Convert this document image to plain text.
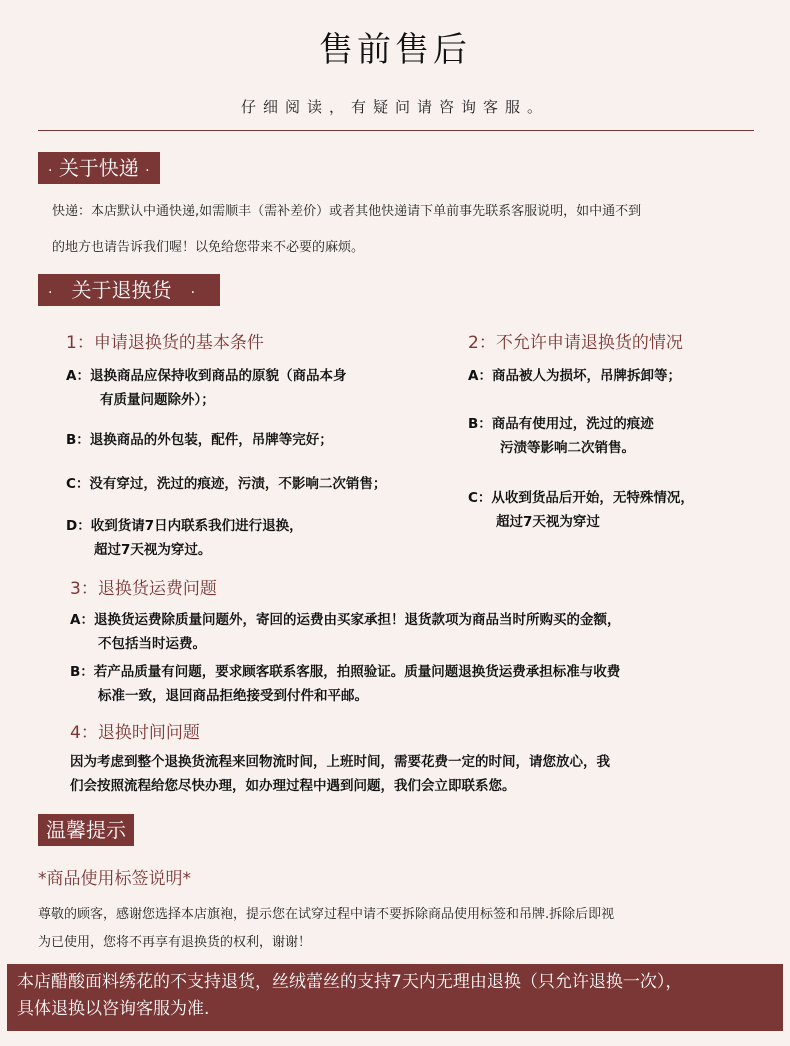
售前售后
仔细阅读，有疑问请咨询客服。
· 关于快递 ·
快递：本店默认中通快递,如需顺丰（需补差价）或者其他快递请下单前事先联系客服说明，如中通不到
的地方也请告诉我们喔！以免给您带来不必要的麻烦。
· 关于退换货 ·
1：申请退换货的基本条件
A：退换商品应保持收到商品的原貌（商品本身
有质量问题除外）；
B：退换商品的外包装，配件，吊牌等完好；
C：没有穿过，洗过的痕迹，污渍，不影响二次销售；
D：收到货请7日内联系我们进行退换，
超过7天视为穿过。
2：不允许申请退换货的情况
A：商品被人为损坏，吊牌拆卸等；
B：商品有使用过，洗过的痕迹
污渍等影响二次销售。
C：从收到货品后开始，无特殊情况，
超过7天视为穿过
3：退换货运费问题
A：退换货运费除质量问题外，寄回的运费由买家承担！退货款项为商品当时所购买的金额，
不包括当时运费。
B：若产品质量有问题，要求顾客联系客服，拍照验证。质量问题退换货运费承担标准与收费
标准一致，退回商品拒绝接受到付件和平邮。
4：退换时间问题
因为考虑到整个退换货流程来回物流时间，上班时间，需要花费一定的时间，请您放心，我
们会按照流程给您尽快办理，如办理过程中遇到问题，我们会立即联系您。
温馨提示
*商品使用标签说明*
尊敬的顾客，感谢您选择本店旗袍，提示您在试穿过程中请不要拆除商品使用标签和吊牌.拆除后即视
为已使用，您将不再享有退换货的权利，谢谢！
本店醋酸面料绣花的不支持退货，丝绒蕾丝的支持7天内无理由退换（只允许退换一次），
具体退换以咨询客服为准.
